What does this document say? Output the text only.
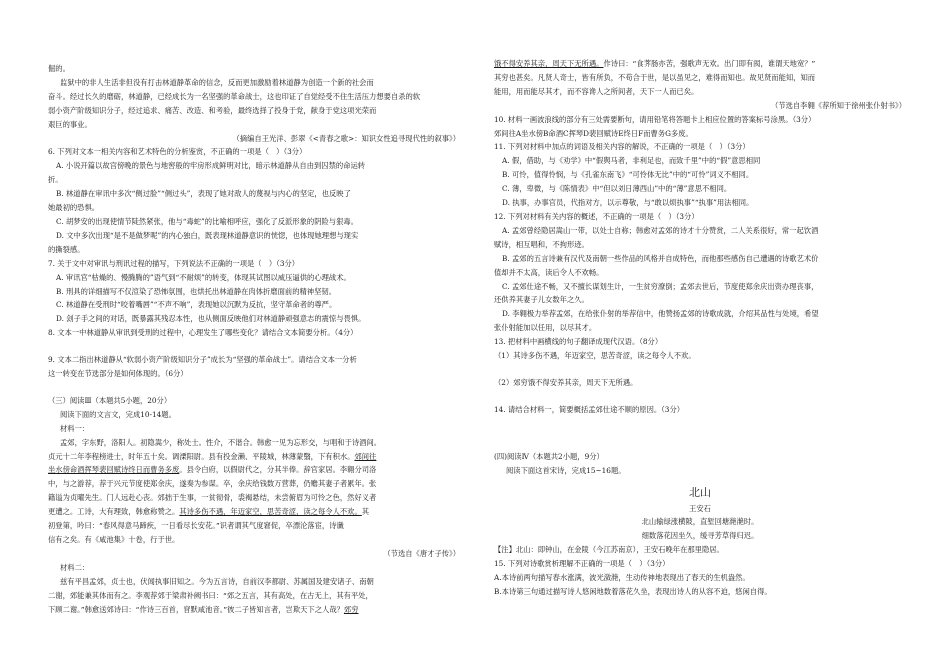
倔的。

监狱中的非人生活非但没有打击林道静革命的信念，反而更加激励着林道静为创造一个新的社会而

奋斗。经过长久的磨砺，林道静，已经成长为一名坚强的革命战士，这也印证了自觉经受不住生活压力想要自杀的软

弱小资产阶级知识分子，经过追求、痛苦、改造、和考验，最终选择了投身于党，献身于党这项光荣而

艰巨的事业。

（摘编自王光洋、彭翠《<青春之歌>：知识女性追寻现代性的叙事》）

6. 下列对文本一相关内容和艺术特色的分析鉴赏，不正确的一项是（　）（3分）

A. 小说开篇以故宫傍晚的景色与地窖般的牢房形成鲜明对比，暗示林道静从自由到囚禁的命运转

折。

B. 林道静在审讯中多次“侧过脸”“侧过头”，表现了她对敌人的蔑视与内心的坚定，也反映了

她最初的恐惧。

C. 胡梦安的出现使情节陡然紧张，他与“毒蛇”的比喻相呼应，强化了反派形象的阴险与狠毒。

D. 文中多次出现“是不是做梦呢”的内心独白，既表现林道静意识的恍惚，也体现她理想与现实

的撕裂感。

7. 关于文中对审讯与刑讯过程的描写，下列说法不正确的一项是（　）（3分）

A. 审讯官“枯燥的、慢腾腾的”语气到“不耐烦”的转变，体现其试图以威压逼供的心理战术。

B. 刑具的详细描写不仅渲染了恐怖氛围，也烘托出林道静在肉体折磨面前的精神坚韧。

C. 林道静在受刑时“咬着嘴唇”“不声不响”，表现她以沉默为反抗，坚守革命者的尊严。

D. 刽子手之间的对话，既暴露其残忍本性，也从侧面反映他们对林道静顽强意志的震惊与畏惧。

8. 文本一中林道静从审讯到受刑的过程中，心理发生了哪些变化？请结合文本简要分析。（4分）

9. 文本二指出林道静从“软弱小资产阶级知识分子”成长为“坚强的革命战士”。请结合文本一分析

这一转变在节选部分是如何体现的。（6分）

（三）阅读Ⅲ（本题共5小题，20分）

阅读下面的文言文，完成10-14题。

材料一：

孟郊，字东野，洛阳人。初隐嵩少，称处士。性介，不谐合。韩愈一见为忘形交，与唱和于诗酒间。

贞元十二年李程榜进士，时年五十矣。调溧阳尉。县有投金濑、平陵城，林薄蒙翳，下有积水。郊间往

坐水傍命酒挥琴裴回赋诗终日而曹务多废。县令白府，以假尉代之，分其半俸。辞官家居。李翱分司洛

中，与之游荐，荐于兴元节度使郑余庆，遂奏为参谋。卒，余庆给钱数万营葬，仍赡其妻子者累年。张

籍谥为贞曜先生。门人远赴心丧。郊拙于生事，一贫彻骨，裘褐悬结，未尝俯眉为可怜之色，然好义者

更遭之。工诗，大有理致，韩愈称赞之。其诗多伤不遇，年迈家空，思苦奇涩，读之每令人不欢。其

初登第，吟曰：“春风得意马蹄疾，一日看尽长安花。”识者谓其气度窘促，卒漂沦落宦，诗谶

信有之矣。有《咸池集》十卷，行于世。

（节选自《唐才子传》）

材料二：

兹有平昌孟郊，贞士也，伏闻执事旧知之。今为五言诗，自前汉李都尉、苏属国及建安诸子、南朝

二谢，郊能兼其体而有之。李观荐郊于梁肃补阙书曰：“郊之五言，其有高处，在古无上，其有平处，

下顾二谢。”韩愈送郊诗曰：“作诗三百首，窅默咸池音。”彼二子皆知言者，岂欺天下之人哉？郊穷

饿不得安养其亲，周天下无所遇。作诗曰：“食荠肠亦苦，强歌声无欢。出门即有阂，谁谓天地宽？”

其穷也甚矣。凡贤人奇士，皆有所负，不苟合于世，是以虽见之，难得而知也。故见贤而能知，知而

能用，用而能尽其才，而不容谗人之所间者，天下一人而已矣。

（节选自李翱《荐所知于徐州张仆射书》）

10. 材料一画波浪线的部分有三处需要断句，请用铅笔将答题卡上相应位置的答案标号涂黑。（3分）

郊间往A坐水傍B命酒C挥琴D裴回赋诗E终日F而曹务G多废。

11. 下列对材料中加点的词语及相关内容的解说，不正确的一项是（　）（3分）

A. 假，借助，与《劝学》中“假舆马者，非利足也，而致千里”中的“假”意思相同

B. 可怜，值得怜悯，与《孔雀东南飞》“可怜体无比”中的“可怜”词义不相同。

C. 薄，卑微，与《陈情表》中“但以刘日薄西山”中的“薄”意思不相同。

D. 执事，办事官员，代指对方，以示尊敬，与“敢以烦执事”“执事”用法相同。

12. 下列对材料有关内容的概述，不正确的一项是（　）（3分）

A. 孟郊曾经隐居嵩山一带，以处士自称；韩愈对孟郊的诗才十分赞赏，二人关系很好，常一起饮酒

赋诗，相互唱和，不拘形迹。

B. 孟郊的五言诗兼有汉代及南朝一些作品的风格并自成特色，而他那些感伤自己遭遇的诗歌艺术价

值却并不太高，读后令人不欢畅。

C. 孟郊仕途不畅，又不擅长谋划生计，一生贫穷潦倒；孟郊去世后，节度使郑余庆出资办理丧事，

还供养其妻子儿女数年之久。

D. 李翱极力举荐孟郊，在给张仆射的举荐信中，他赞扬孟郊的诗歌成就，介绍其品性与处境，希望

张仆射能加以任用，以尽其才。

13. 把材料中画横线的句子翻译成现代汉语。（8分）

（1）其诗多伤不遇，年迈家空，思苦奇涩，读之每令人不欢。

（2）郊穷饿不得安养其亲，周天下无所遇。

14. 请结合材料一，简要概括孟郊仕途不顺的原因。（3分）

(四)阅读Ⅳ（本题共2小题，9分）

阅读下面这首宋诗，完成15~16题。

北山

王安石

北山输绿涨横陂，直堑回塘滟滟时。

细数落花因坐久，缓寻芳草得归迟。

【注】北山：即钟山，在金陵（今江苏南京），王安石晚年在那里隐居。

15. 下列对诗歌赏析理解不正确的一项是（　）（3分）

A.本诗前两句描写春水涨满，波光潋滟，生动传神地表现出了春天的生机盎然。

B.本诗第三句通过描写诗人悠闲地数着落花久坐，表现出诗人的从容不迫，悠闲自得。
